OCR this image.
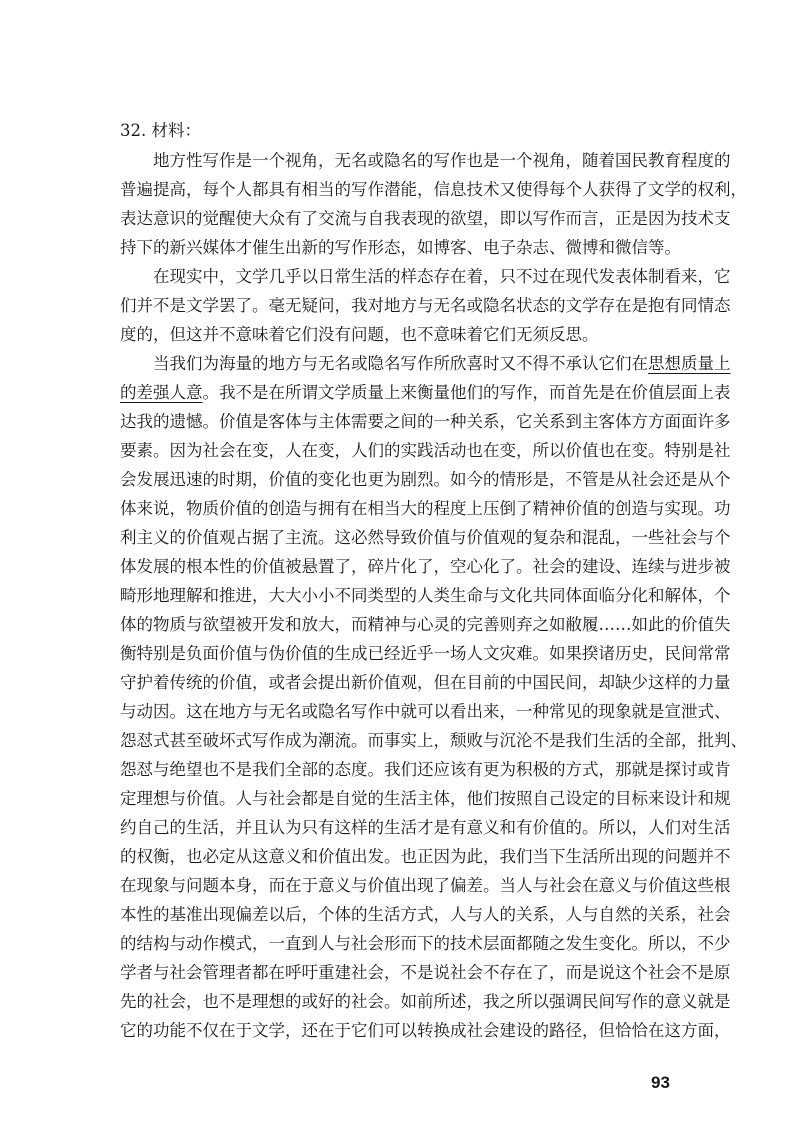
32. 材料：
地方性写作是一个视角，无名或隐名的写作也是一个视角，随着国民教育程度的
普遍提高，每个人都具有相当的写作潜能，信息技术又使得每个人获得了文学的权利，
表达意识的觉醒使大众有了交流与自我表现的欲望，即以写作而言，正是因为技术支
持下的新兴媒体才催生出新的写作形态，如博客、电子杂志、微博和微信等。
在现实中，文学几乎以日常生活的样态存在着，只不过在现代发表体制看来，它
们并不是文学罢了。毫无疑问，我对地方与无名或隐名状态的文学存在是抱有同情态
度的，但这并不意味着它们没有问题，也不意味着它们无须反思。
当我们为海量的地方与无名或隐名写作所欣喜时又不得不承认它们在思想质量上
的差强人意。我不是在所谓文学质量上来衡量他们的写作，而首先是在价值层面上表
达我的遗憾。价值是客体与主体需要之间的一种关系，它关系到主客体方方面面许多
要素。因为社会在变，人在变，人们的实践活动也在变，所以价值也在变。特别是社
会发展迅速的时期，价值的变化也更为剧烈。如今的情形是，不管是从社会还是从个
体来说，物质价值的创造与拥有在相当大的程度上压倒了精神价值的创造与实现。功
利主义的价值观占据了主流。这必然导致价值与价值观的复杂和混乱，一些社会与个
体发展的根本性的价值被悬置了，碎片化了，空心化了。社会的建设、连续与进步被
畸形地理解和推进，大大小小不同类型的人类生命与文化共同体面临分化和解体，个
体的物质与欲望被开发和放大，而精神与心灵的完善则弃之如敝履……如此的价值失
衡特别是负面价值与伪价值的生成已经近乎一场人文灾难。如果揆诸历史，民间常常
守护着传统的价值，或者会提出新价值观，但在目前的中国民间，却缺少这样的力量
与动因。这在地方与无名或隐名写作中就可以看出来，一种常见的现象就是宣泄式、
怨怼式甚至破坏式写作成为潮流。而事实上，颓败与沉沦不是我们生活的全部，批判、
怨怼与绝望也不是我们全部的态度。我们还应该有更为积极的方式，那就是探讨或肯
定理想与价值。人与社会都是自觉的生活主体，他们按照自己设定的目标来设计和规
约自己的生活，并且认为只有这样的生活才是有意义和有价值的。所以，人们对生活
的权衡，也必定从这意义和价值出发。也正因为此，我们当下生活所出现的问题并不
在现象与问题本身，而在于意义与价值出现了偏差。当人与社会在意义与价值这些根
本性的基准出现偏差以后，个体的生活方式，人与人的关系，人与自然的关系，社会
的结构与动作模式，一直到人与社会形而下的技术层面都随之发生变化。所以，不少
学者与社会管理者都在呼吁重建社会，不是说社会不存在了，而是说这个社会不是原
先的社会，也不是理想的或好的社会。如前所述，我之所以强调民间写作的意义就是
它的功能不仅在于文学，还在于它们可以转换成社会建设的路径，但恰恰在这方面，
93
